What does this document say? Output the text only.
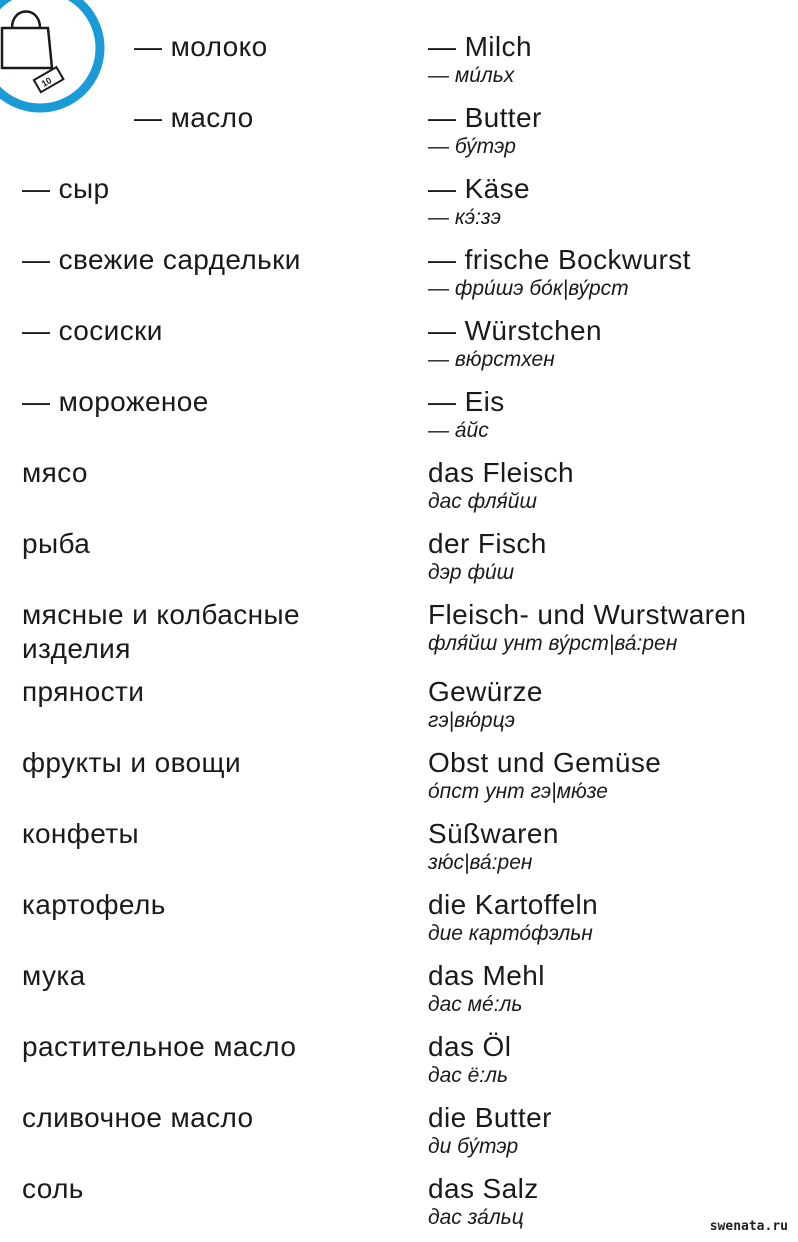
10
— молоко	— Milch
— ми́льх
— масло	— Butter
— бу́тэр
— сыр	— Käse
— кэ́:зэ
— свежие сардельки	— frische Bockwurst
— фри́шэ бо́к|ву́рст
— сосиски	— Würstchen
— вю́рстхен
— мороженое	— Eis
— а́йс
мясо	das Fleisch
дас фля́йш
рыба	der Fisch
дэр фи́ш
мясные и колбасные изделия
Fleisch- und Wurstwaren
фля́йш унт ву́рст|ва́:рен
пряности	Gewürze
гэ|вю́рцэ
фрукты и овощи	Obst und Gemüse
о́пст унт гэ|мю́зе
конфеты	Süßwaren
зю́с|ва́:рен
картофель	die Kartoffeln
дие карто́фэльн
мука	das Mehl
дас мé:ль
растительное масло	das Öl
дас ё:ль
сливочное масло	die Butter
ди бу́тэр
соль	das Salz
дас за́льц	swenata.ru
